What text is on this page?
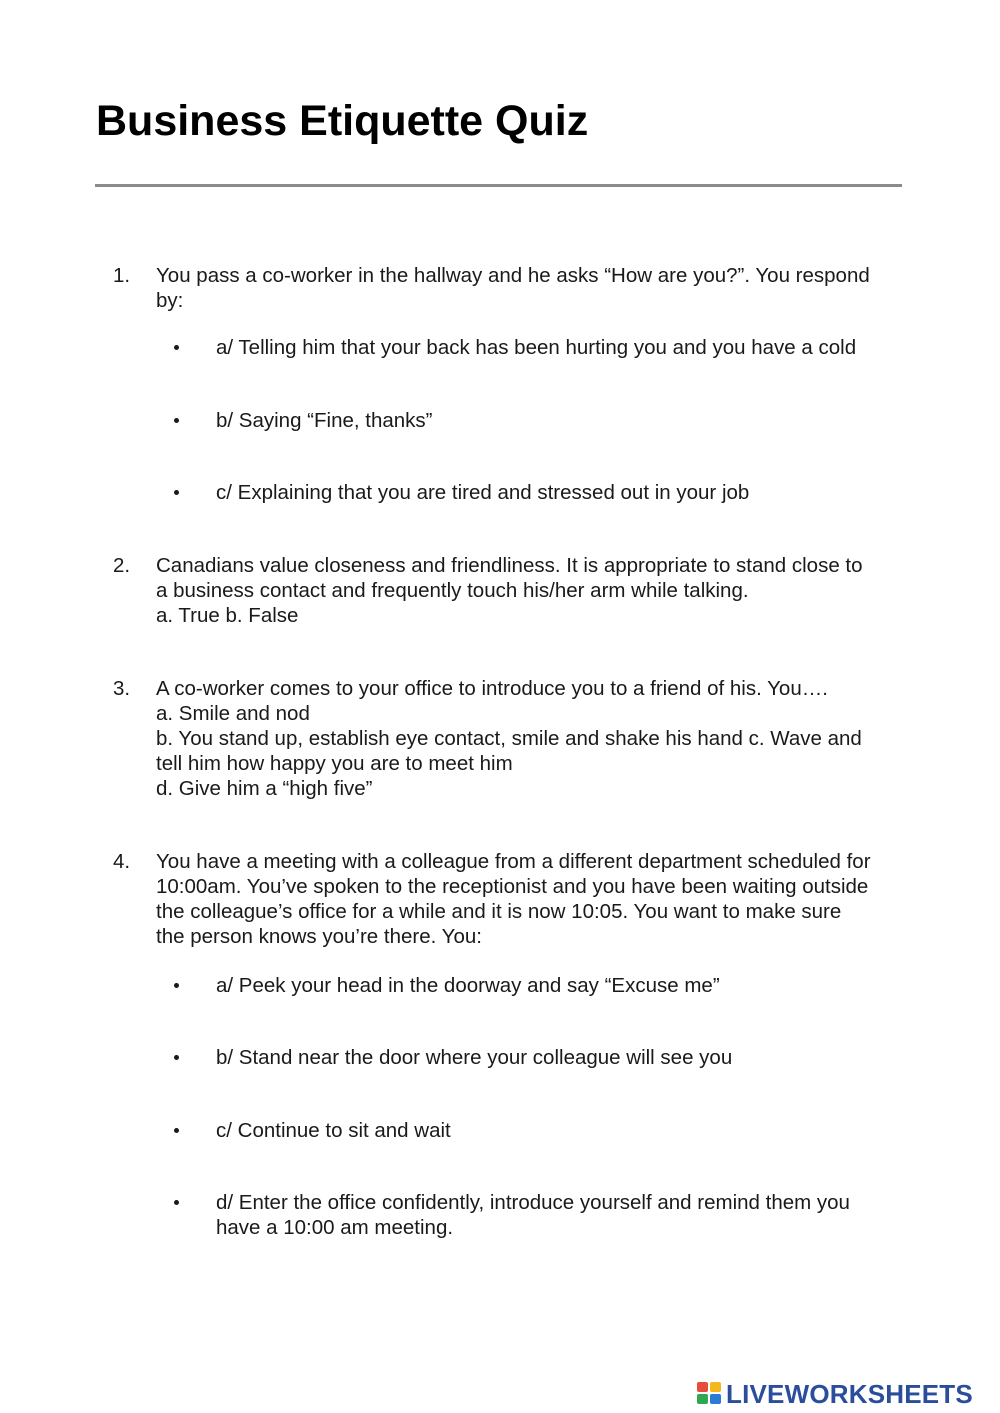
Business Etiquette Quiz
1. You pass a co-worker in the hallway and he asks “How are you?”. You respond
by:
a/ Telling him that your back has been hurting you and you have a cold
b/ Saying “Fine, thanks”
c/ Explaining that you are tired and stressed out in your job
2. Canadians value closeness and friendliness. It is appropriate to stand close to
a business contact and frequently touch his/her arm while talking.
a. True b. False
3. A co-worker comes to your office to introduce you to a friend of his. You….
a. Smile and nod
b. You stand up, establish eye contact, smile and shake his hand c. Wave and
tell him how happy you are to meet him
d. Give him a “high five”
4. You have a meeting with a colleague from a different department scheduled for
10:00am. You’ve spoken to the receptionist and you have been waiting outside
the colleague’s office for a while and it is now 10:05. You want to make sure
the person knows you’re there. You:
a/ Peek your head in the doorway and say “Excuse me”
b/ Stand near the door where your colleague will see you
c/ Continue to sit and wait
d/ Enter the office confidently, introduce yourself and remind them you
have a 10:00 am meeting.
LIVEWORKSHEETS
